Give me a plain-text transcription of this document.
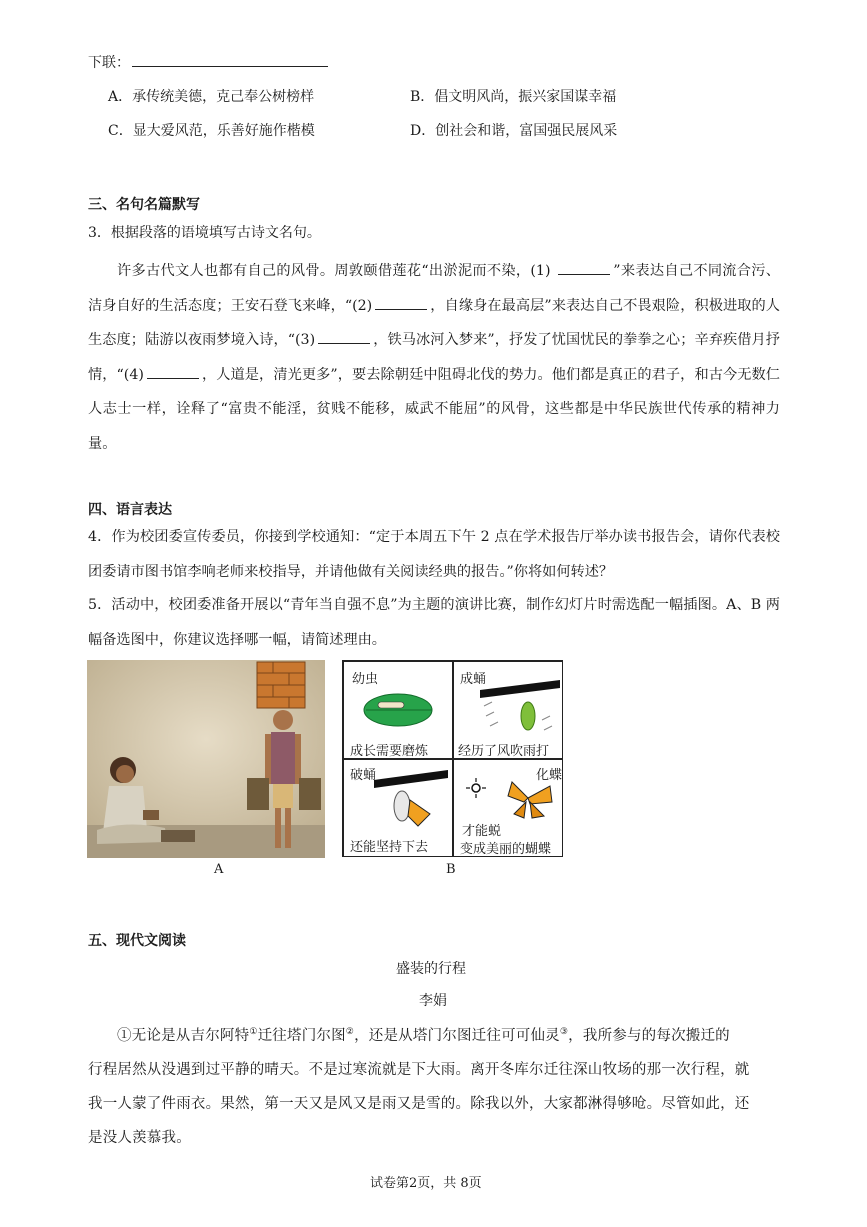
下联：
A．承传统美德，克己奉公树榜样	B．倡文明风尚，振兴家国谋幸福
C．显大爱风范，乐善好施作楷模	D．创社会和谐，富国强民展风采
三、名句名篇默写
3．根据段落的语境填写古诗文名句。

许多古代文人也都有自己的风骨。周敦颐借莲花“出淤泥而不染，(1)	”来表达自己不同流合污、洁身自好的生活态度；王安石登飞来峰，“(2)	，自缘身在最高层”来表达自己不畏艰险，积极进取的人生态度；陆游以夜雨梦境入诗，“(3)	，铁马冰河入梦来”，抒发了忧国忧民的拳拳之心；辛弃疾借月抒情，“(4)	，人道是，清光更多”，要去除朝廷中阻碍北伐的势力。他们都是真正的君子，和古今无数仁人志士一样，诠释了“富贵不能淫，贫贱不能移，威武不能屈”的风骨，这些都是中华民族世代传承的精神力量。

四、语言表达

4．作为校团委宣传委员，你接到学校通知：“定于本周五下午 2 点在学术报告厅举办读书报告会，请你代表校团委请市图书馆李响老师来校指导，并请他做有关阅读经典的报告。”你将如何转述？

5．活动中，校团委准备开展以“青年当自强不息”为主题的演讲比赛，制作幻灯片时需选配一幅插图。A、B 两幅备选图中，你建议选择哪一幅，请简述理由。

A
幼虫
成长需要磨炼
成蛹
经历了风吹雨打
破蛹
还能坚持下去
化蝶
才能蜕
变成美丽的蝴蝶
B
五、现代文阅读
盛装的行程
李娟
①无论是从吉尔阿特①迁往塔门尔图②，还是从塔门尔图迁往可可仙灵③，我所参与的每次搬迁的
行程居然从没遇到过平静的晴天。不是过寒流就是下大雨。离开冬库尔迁往深山牧场的那一次行程，就
我一人蒙了件雨衣。果然，第一天又是风又是雨又是雪的。除我以外，大家都淋得够呛。尽管如此，还
是没人羡慕我。
试卷第2页，共 8页
